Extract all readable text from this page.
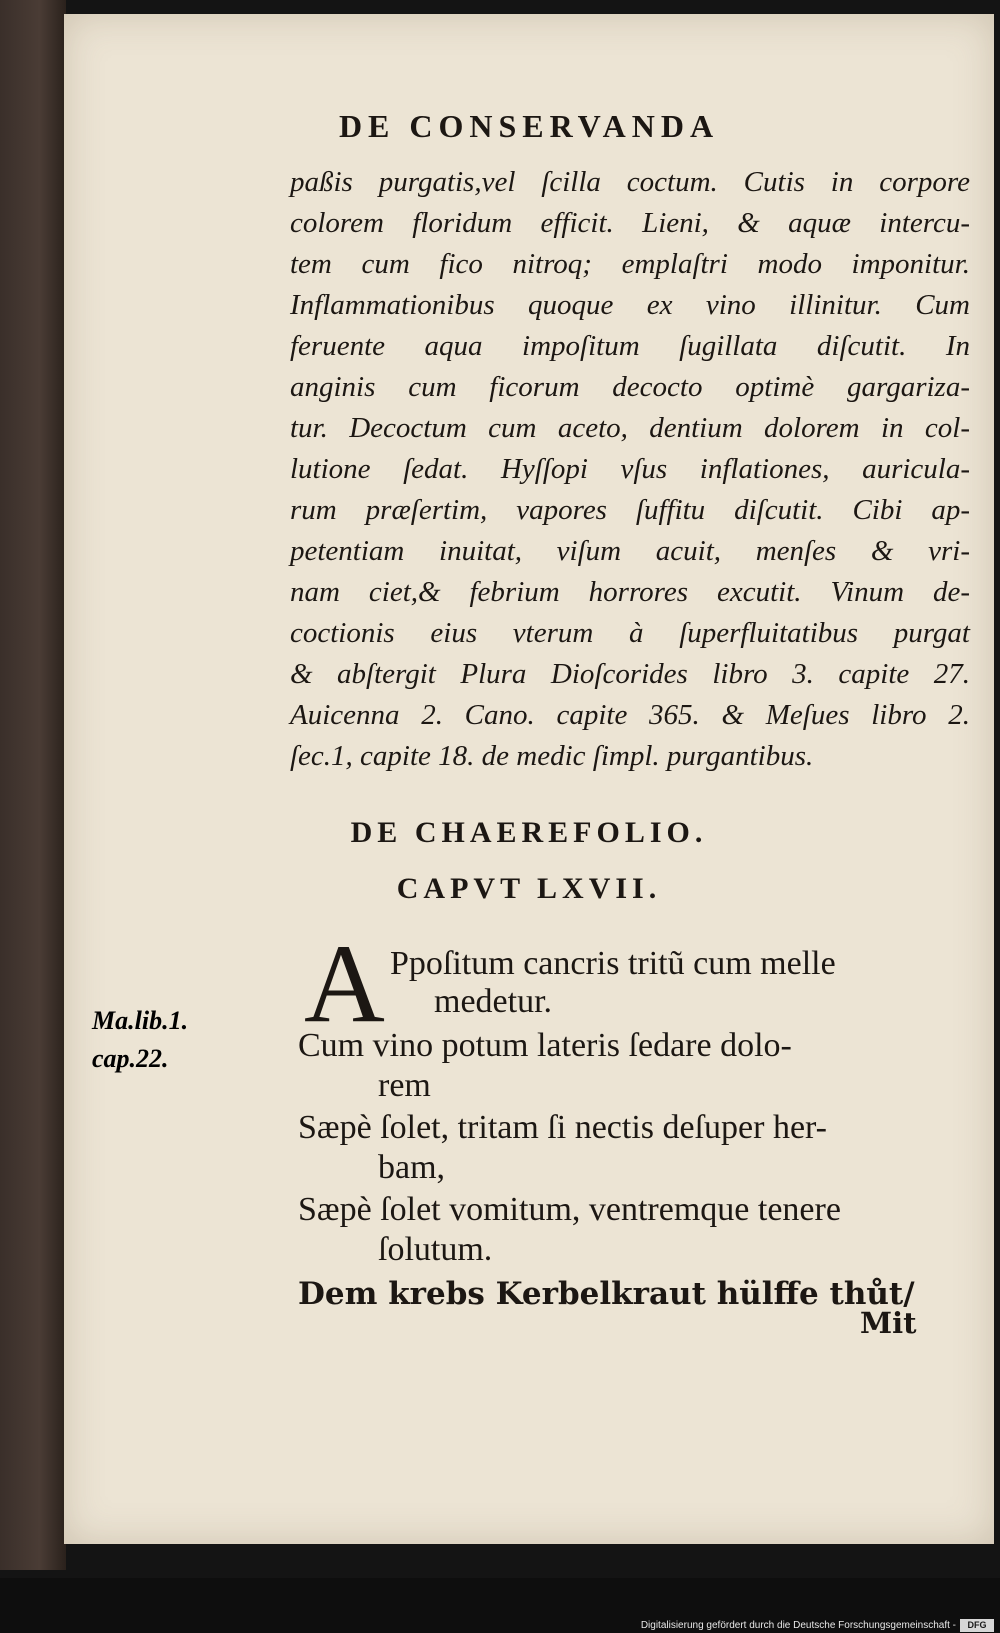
DE CONSERVANDA
paßis purgatis,vel ſcilla coctum. Cutis in corpore
colorem floridum efficit. Lieni, & aquæ intercu-
tem cum fico nitroq; emplaſtri modo imponitur.
Inflammationibus quoque ex vino illinitur. Cum
feruente aqua impoſitum ſugillata diſcutit. In
anginis cum ficorum decocto optimè gargariza-
tur. Decoctum cum aceto, dentium dolorem in col-
lutione ſedat. Hyſſopi vſus inflationes, auricula-
rum præſertim, vapores ſuffitu diſcutit. Cibi ap-
petentiam inuitat, viſum acuit, menſes & vri-
nam ciet,& febrium horrores excutit. Vinum de-
coctionis eius vterum à ſuperfluitatibus purgat
& abſtergit Plura Dioſcorides libro 3. capite 27.
Auicenna 2. Cano. capite 365. & Meſues libro 2.
ſec.1, capite 18. de medic ſimpl. purgantibus.
DE CHAEREFOLIO.
CAPVT LXVII.
A Ppoſitum cancris tritũ cum melle
medetur.
Cum vino potum lateris ſedare dolo-
rem
Sæpè ſolet, tritam ſi nectis deſuper her-
bam,
Sæpè ſolet vomitum, ventremque tenere
ſolutum.
Dem krebs Kerbelkraut hülffe thůt/
Mit
Ma.lib.1.
cap.22.
Digitalisierung gefördert durch die Deutsche Forschungsgemeinschaft -	DFG
